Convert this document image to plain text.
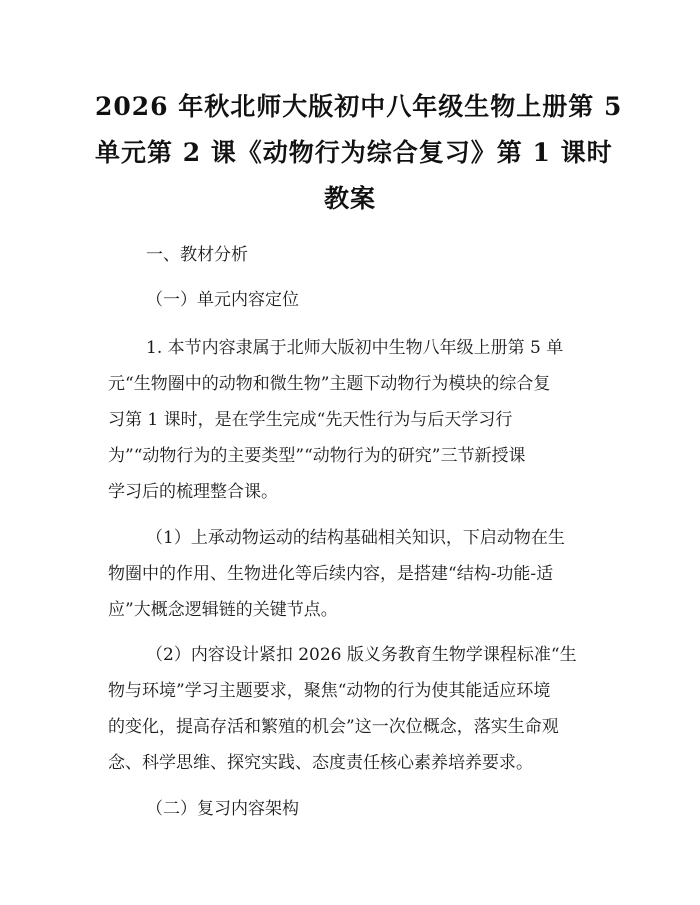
2026 年秋北师大版初中八年级生物上册第 5
单元第 2 课《动物行为综合复习》第 1 课时
教案
一、教材分析
（一）单元内容定位
1. 本节内容隶属于北师大版初中生物八年级上册第 5 单
元“生物圈中的动物和微生物”主题下动物行为模块的综合复
习第 1 课时，是在学生完成“先天性行为与后天学习行
为”“动物行为的主要类型”“动物行为的研究”三节新授课
学习后的梳理整合课。
（1）上承动物运动的结构基础相关知识，下启动物在生
物圈中的作用、生物进化等后续内容，是搭建“结构-功能-适
应”大概念逻辑链的关键节点。
（2）内容设计紧扣 2026 版义务教育生物学课程标准“生
物与环境”学习主题要求，聚焦“动物的行为使其能适应环境
的变化，提高存活和繁殖的机会”这一次位概念，落实生命观
念、科学思维、探究实践、态度责任核心素养培养要求。
（二）复习内容架构
